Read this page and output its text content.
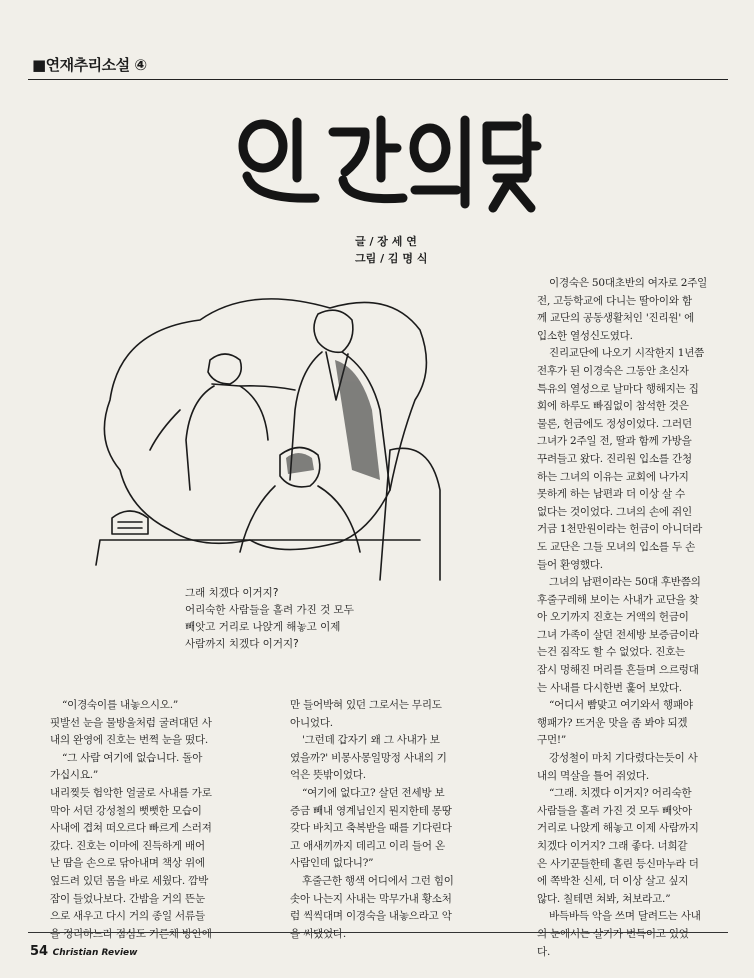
■연재추리소설 ④
글 / 장 세 연
그림 / 김 명 식
그래 치겠다 이거지?
어리숙한 사람들을 홀려 가진 것 모두
빼앗고 거리로 나앉게 해놓고 이제
사람까지 치겠다 이거지?

이경숙은 50대초반의 여자로 2주일

전, 고등학교에 다니는 딸아이와 함

께 교단의 공동생활처인 '진리원' 에

입소한 열성신도였다.

진리교단에 나오기 시작한지 1년쯤

전후가 된 이경숙은 그동안 초신자

특유의 열성으로 날마다 행해지는 집

회에 하루도 빠짐없이 참석한 것은

물론, 헌금에도 정성이었다. 그러던

그녀가 2주일 전, 딸과 함께 가방을

꾸려들고 왔다. 진리원 입소를 간청

하는 그녀의 이유는 교회에 나가지

못하게 하는 남편과 더 이상 살 수

없다는 것이었다. 그녀의 손에 쥐인

거금 1천만원이라는 헌금이 아니더라

도 교단은 그들 모녀의 입소를 두 손

들어 환영했다.

그녀의 남편이라는 50대 후반쯤의

후줄구레해 보이는 사내가 교단을 찾

아 오기까지 진호는 거액의 헌금이

그녀 가족이 살던 전세방 보증금이라

는건 짐작도 할 수 없었다. 진호는

잠시 멍해진 머리를 흔들며 으르렁대

는 사내를 다시한번 훑어 보았다.

“어디서 빰맞고 여기와서 행패야

행패가? 뜨거운 맛을 좀 봐야 되겠

구먼!”

강성철이 마치 기다렸다는듯이 사

내의 멱살을 틀어 쥐었다.

“그래. 치겠다 이거지? 어리숙한

사람들을 홀려 가진 것 모두 빼앗아

거리로 나앉게 해놓고 이제 사람까지

치겠다 이거지? 그래 좋다. 너희같

은 사기꾼들한테 홀린 등신마누라 더

에 쪽박찬 신세, 더 이상 살고 싶지

않다. 칠테면 쳐봐, 쳐보라고.”

바득바득 악을 쓰며 달려드는 사내

의 눈에서는 살기가 번득이고 있었

다.

“이경숙이를 내놓으시오.”

핏발선 눈을 물방울처럼 굴려대던 사

내의 완영에 진호는 번쩍 눈을 떴다.

“그 사람 여기에 없습니다. 돌아

가십시요.”

내리찢듯 험악한 얼굴로 사내를 가로

막아 서던 강성철의 뻣뻣한 모습이

사내에 겹쳐 떠오르다 빠르게 스러져

갔다. 진호는 이마에 진득하게 배어

난 땀을 손으로 닦아내며 책상 위에

엎드려 있던 몸을 바로 세웠다. 깜박

잠이 들었나보다. 간밤을 거의 뜬눈

으로 새우고 다시 거의 종일 서류들

을 정리하느라 점심도 거른채 방안에

만 들어박혀 있던 그로서는 무리도

아니었다.

'그런데 갑자기 왜 그 사내가 보

였을까?' 비몽사몽일망정 사내의 기

억은 뜻밖이었다.

“여기에 없다고? 살던 전세방 보

증금 빼내 영계님인지 뭔지한테 몽땅

갖다 바치고 축복받을 때를 기다린다

고 애새끼까지 데리고 이리 들어 온

사람인데 없다니?”

후줄근한 행색 어디에서 그런 힘이

솟아 나는지 사내는 막무가내 황소처

럼 씩씩대며 이경숙을 내놓으라고 악

을 써댔었다.

54 Christian Review
